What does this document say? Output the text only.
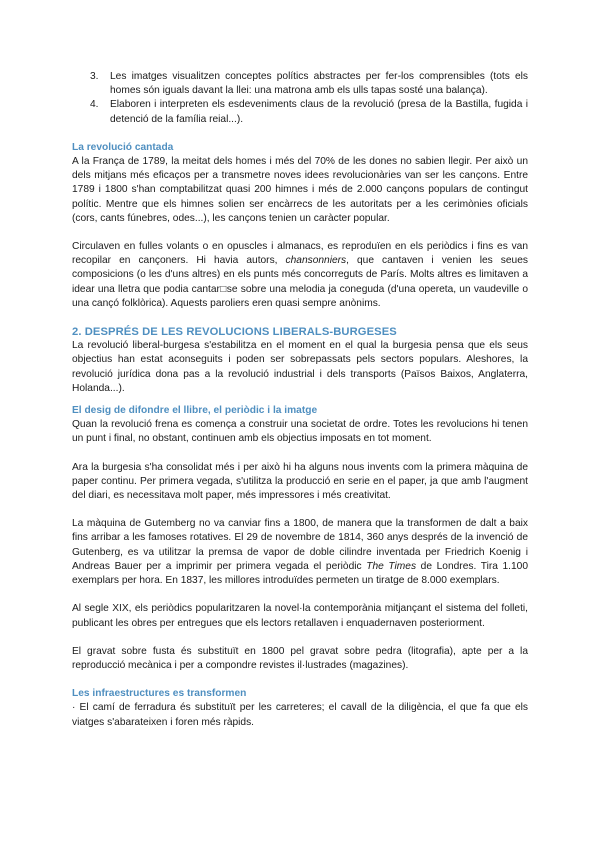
3. Les imatges visualitzen conceptes polítics abstractes per fer-los comprensibles (tots els homes són iguals davant la llei: una matrona amb els ulls tapas sosté una balança).
4. Elaboren i interpreten els esdeveniments claus de la revolució (presa de la Bastilla, fugida i detenció de la família reial...).
La revolució cantada

A la França de 1789, la meitat dels homes i més del 70% de les dones no sabien llegir. Per això un dels mitjans més eficaços per a transmetre noves idees revolucionàries van ser les cançons. Entre 1789 i 1800 s'han comptabilitzat quasi 200 himnes i més de 2.000 cançons populars de contingut polític. Mentre que els himnes solien ser encàrrecs de les autoritats per a les cerimònies oficials (cors, cants fúnebres, odes...), les cançons tenien un caràcter popular.

Circulaven en fulles volants o en opuscles i almanacs, es reproduïen en els periòdics i fins es van recopilar en cançoners. Hi havia autors, chansonniers, que cantaven i venien les seues composicions (o les d'uns altres) en els punts més concorreguts de París. Molts altres es limitaven a idear una lletra que podia cantar□se sobre una melodia ja coneguda (d'una opereta, un vaudeville o una cançó folklòrica). Aquests paroliers eren quasi sempre anònims.

2. DESPRÉS DE LES REVOLUCIONS LIBERALS-BURGESES

La revolució liberal-burgesa s'estabilitza en el moment en el qual la burgesia pensa que els seus objectius han estat aconseguits i poden ser sobrepassats pels sectors populars. Aleshores, la revolució jurídica dona pas a la revolució industrial i dels transports (Països Baixos, Anglaterra, Holanda...).

El desig de difondre el llibre, el periòdic i la imatge

Quan la revolució frena es comença a construir una societat de ordre. Totes les revolucions hi tenen un punt i final, no obstant, continuen amb els objectius imposats en tot moment.

Ara la burgesia s'ha consolidat més i per això hi ha alguns nous invents com la primera màquina de paper continu. Per primera vegada, s'utilitza la producció en serie en el paper, ja que amb l'augment del diari, es necessitava molt paper, més impressores i més creativitat.

La màquina de Gutemberg no va canviar fins a 1800, de manera que la transformen de dalt a baix fins arribar a les famoses rotatives. El 29 de novembre de 1814, 360 anys després de la invenció de Gutenberg, es va utilitzar la premsa de vapor de doble cilindre inventada per Friedrich Koenig i Andreas Bauer per a imprimir per primera vegada el periòdic The Times de Londres. Tira 1.100 exemplars per hora. En 1837, les millores introduïdes permeten un tiratge de 8.000 exemplars.

Al segle XIX, els periòdics popularitzaren la novel·la contemporània mitjançant el sistema del folleti, publicant les obres per entregues que els lectors retallaven i enquadernaven posteriorment.

El gravat sobre fusta és substituït en 1800 pel gravat sobre pedra (litografia), apte per a la reproducció mecànica i per a compondre revistes il·lustrades (magazines).

Les infraestructures es transformen

· El camí de ferradura és substituït per les carreteres; el cavall de la diligència, el que fa que els viatges s'abarateixen i foren més ràpids.
